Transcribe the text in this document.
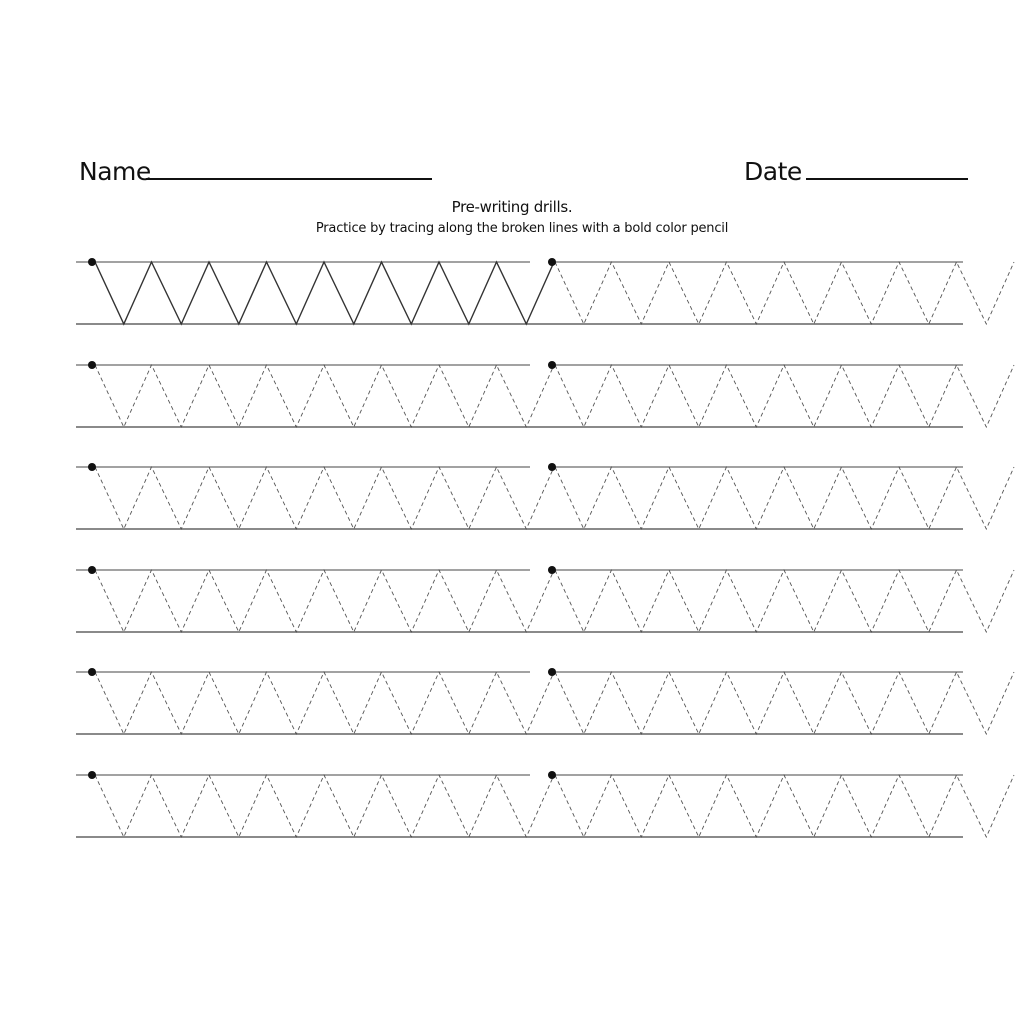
Name	Date
Pre-writing drills.
Practice by tracing along the broken lines with a bold color pencil
